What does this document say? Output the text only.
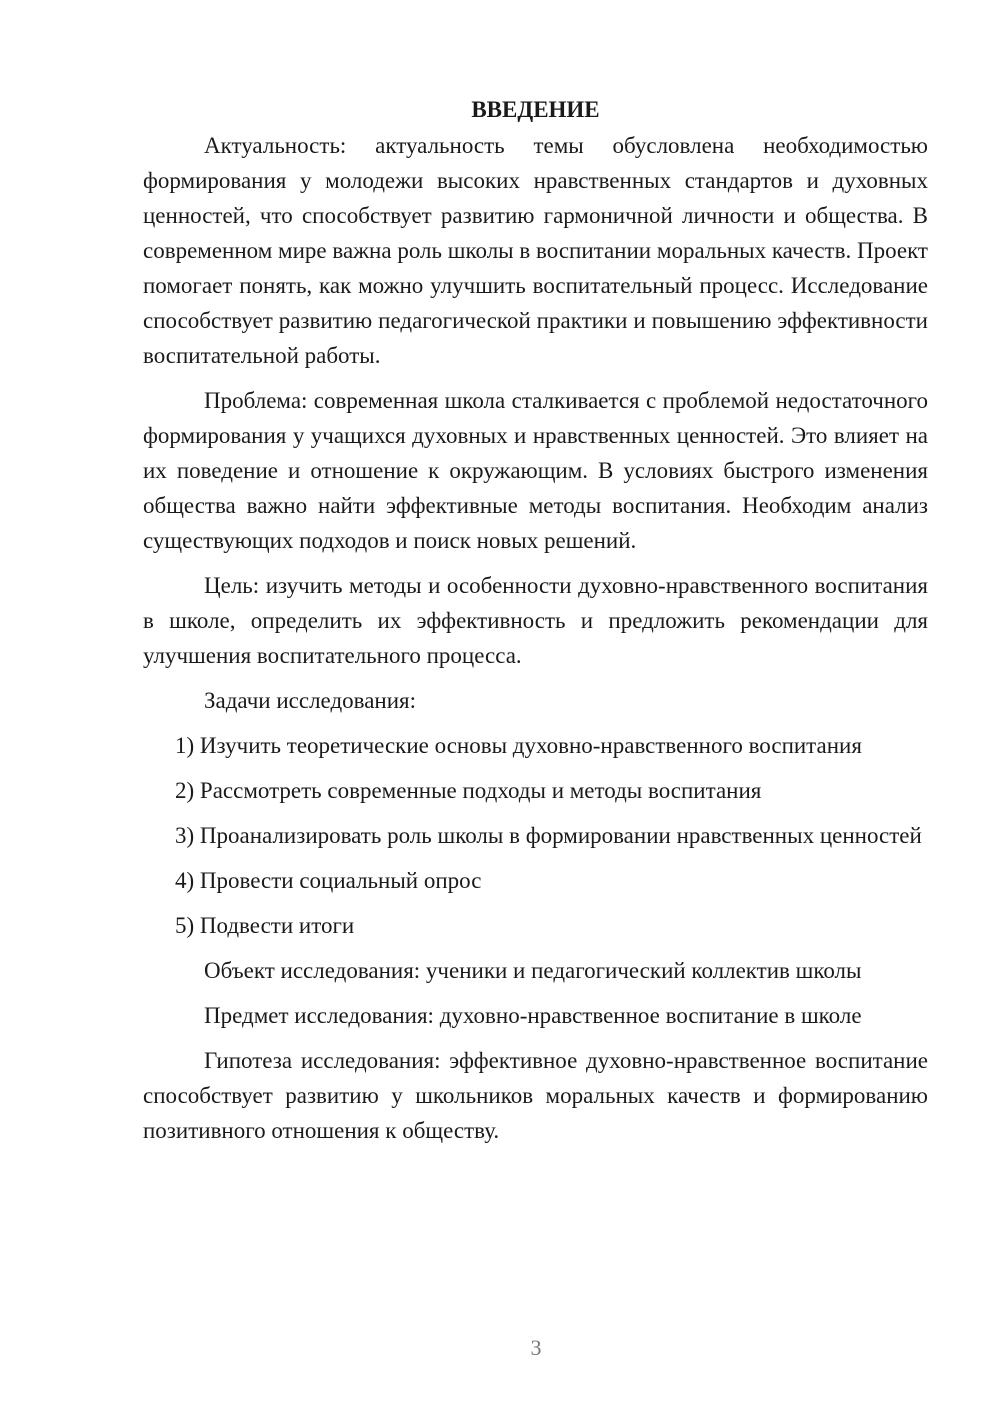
ВВЕДЕНИЕ

Актуальность: актуальность темы обусловлена необходимостью формирования у молодежи высоких нравственных стандартов и духовных ценностей, что способствует развитию гармоничной личности и общества. В современном мире важна роль школы в воспитании моральных качеств. Проект помогает понять, как можно улучшить воспитательный процесс. Исследование способствует развитию педагогической практики и повышению эффективности воспитательной работы.

Проблема: современная школа сталкивается с проблемой недостаточного формирования у учащихся духовных и нравственных ценностей. Это влияет на их поведение и отношение к окружающим. В условиях быстрого изменения общества важно найти эффективные методы воспитания. Необходим анализ существующих подходов и поиск новых решений.

Цель: изучить методы и особенности духовно-нравственного воспитания в школе, определить их эффективность и предложить рекомендации для улучшения воспитательного процесса.

Задачи исследования:

1) Изучить теоретические основы духовно-нравственного воспитания

2) Рассмотреть современные подходы и методы воспитания

3) Проанализировать роль школы в формировании нравственных ценностей

4) Провести социальный опрос

5) Подвести итоги

Объект исследования: ученики и педагогический коллектив школы

Предмет исследования: духовно-нравственное воспитание в школе

Гипотеза исследования: эффективное духовно-нравственное воспитание способствует развитию у школьников моральных качеств и формированию позитивного отношения к обществу.

3
